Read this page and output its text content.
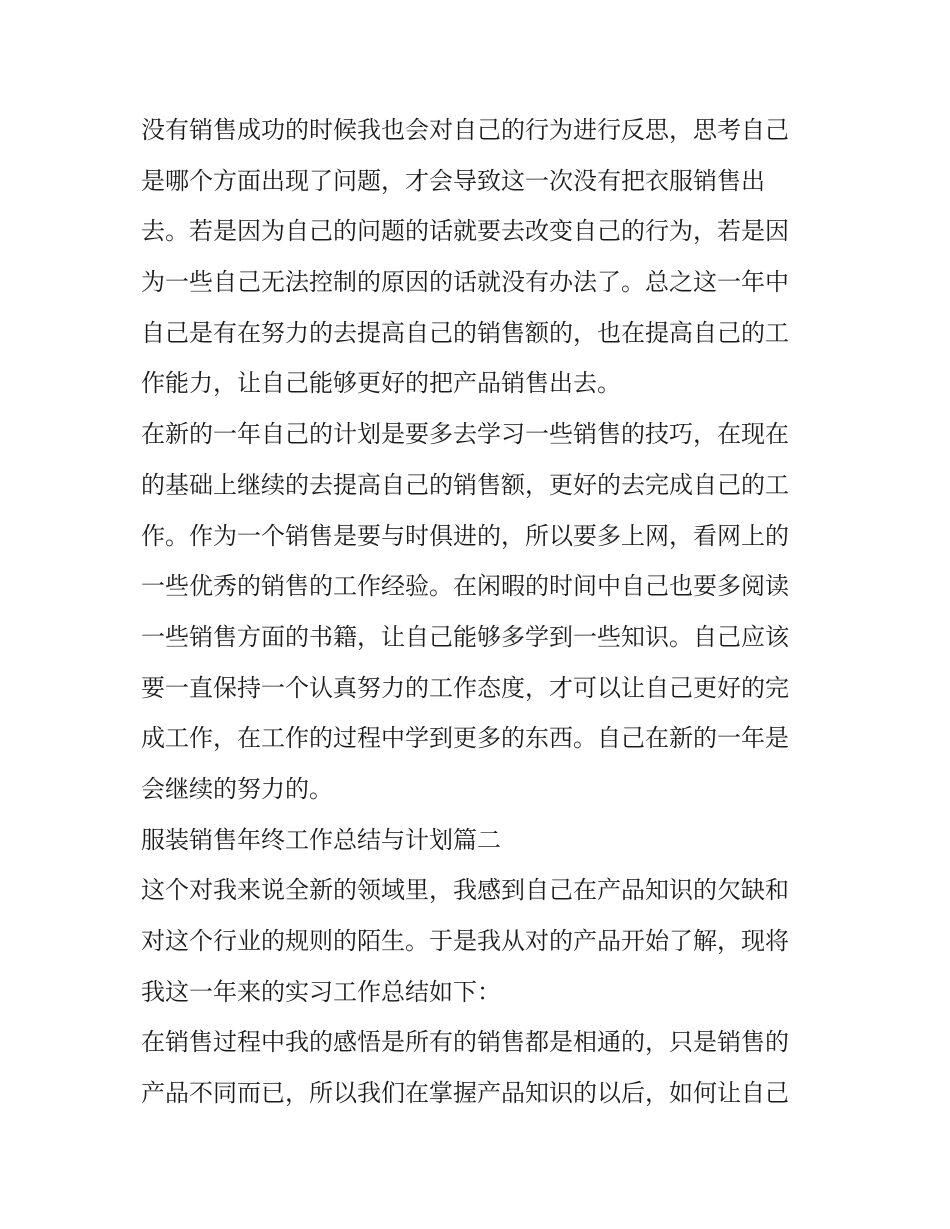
没有销售成功的时候我也会对自己的行为进行反思，思考自己
是哪个方面出现了问题，才会导致这一次没有把衣服销售出
去。若是因为自己的问题的话就要去改变自己的行为，若是因
为一些自己无法控制的原因的话就没有办法了。总之这一年中
自己是有在努力的去提高自己的销售额的，也在提高自己的工
作能力，让自己能够更好的把产品销售出去。
在新的一年自己的计划是要多去学习一些销售的技巧，在现在
的基础上继续的去提高自己的销售额，更好的去完成自己的工
作。作为一个销售是要与时俱进的，所以要多上网，看网上的
一些优秀的销售的工作经验。在闲暇的时间中自己也要多阅读
一些销售方面的书籍，让自己能够多学到一些知识。自己应该
要一直保持一个认真努力的工作态度，才可以让自己更好的完
成工作，在工作的过程中学到更多的东西。自己在新的一年是
会继续的努力的。
服装销售年终工作总结与计划篇二
这个对我来说全新的领域里，我感到自己在产品知识的欠缺和
对这个行业的规则的陌生。于是我从对的产品开始了解，现将
我这一年来的实习工作总结如下：
在销售过程中我的感悟是所有的销售都是相通的，只是销售的
产品不同而已，所以我们在掌握产品知识的以后，如何让自己
